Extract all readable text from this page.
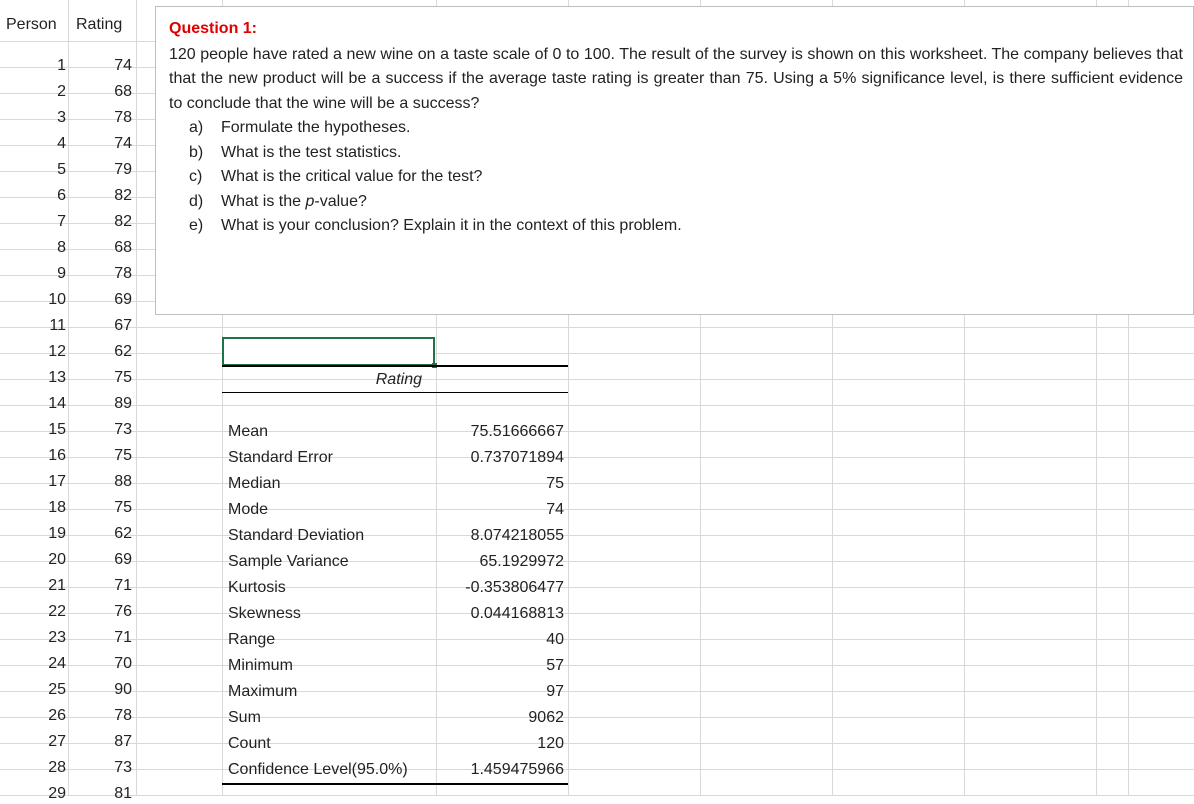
Person Rating
1	74
2	68
3	78
4	74
5	79
6	82
7	82
8	68
9	78
10	69
11	67
12	62
13	75
14	89
15	73
16	75
17	88
18	75
19	62
20	69
21	71
22	76
23	71
24	70
25	90
26	78
27	87
28	73
29	81
Question 1:
120 people have rated a new wine on a taste scale of 0 to 100. The result of the survey is shown on this worksheet. The company believes that that the new product will be a success if the average taste rating is greater than 75. Using a 5% significance level, is there sufficient evidence to conclude that the wine will be a success?
a)	Formulate the hypotheses.
b)	What is the test statistics.
c)	What is the critical value for the test?
d)	What is the p-value?
e)	What is your conclusion? Explain it in the context of this problem.
Rating
Mean	75.51666667
Standard Error	0.737071894
Median	75
Mode	74
Standard Deviation	8.074218055
Sample Variance	65.1929972
Kurtosis	-0.353806477
Skewness	0.044168813
Range	40
Minimum	57
Maximum	97
Sum	9062
Count	120
Confidence Level(95.0%)	1.459475966
